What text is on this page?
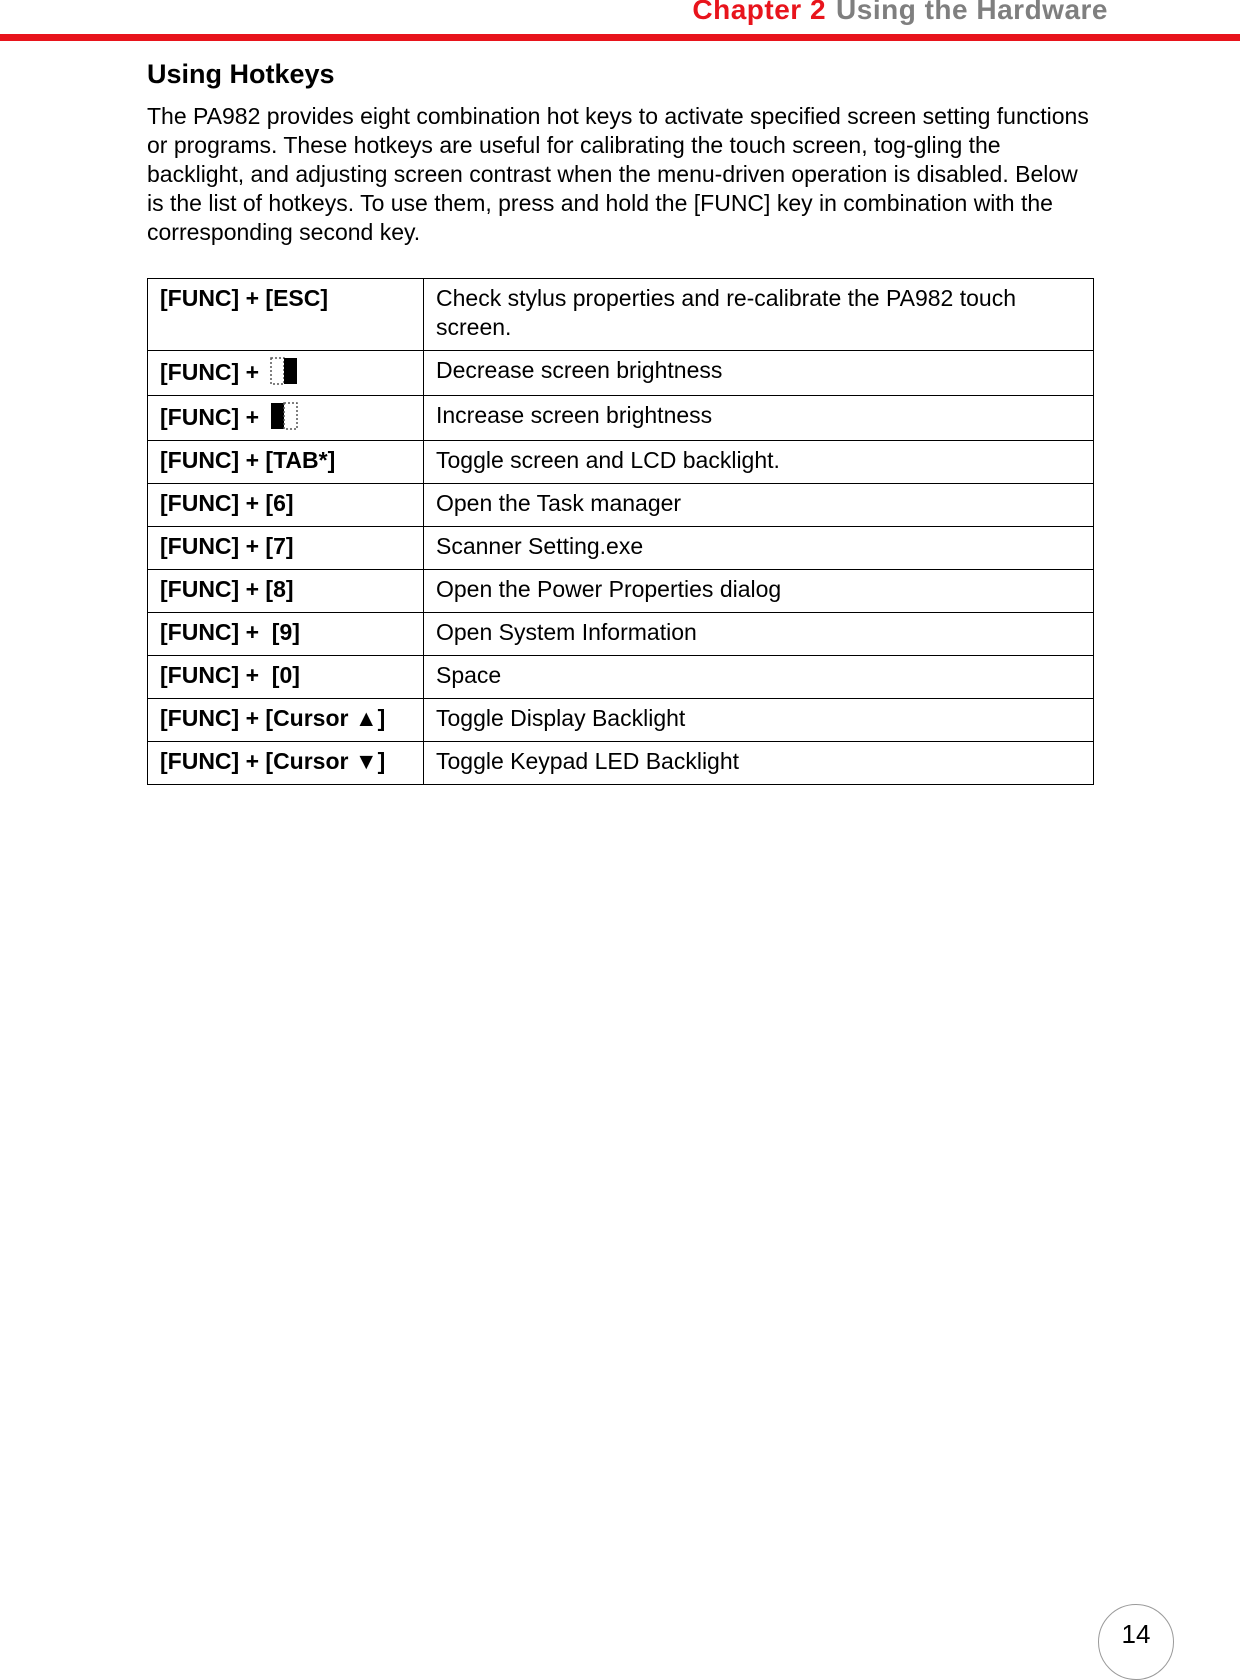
Chapter 2 Using the Hardware
Using Hotkeys

The PA982 provides eight combination hot keys to activate specified screen setting functions or programs. These hotkeys are useful for calibrating the touch screen, tog-gling the backlight, and adjusting screen contrast when the menu-driven operation is disabled. Below is the list of hotkeys. To use them, press and hold the [FUNC] key in combination with the corresponding second key.

[FUNC] + [ESC]	Check stylus properties and re-calibrate the PA982 touch screen.
[FUNC] +	Decrease screen brightness
[FUNC] +	Increase screen brightness
[FUNC] + [TAB*]	Toggle screen and LCD backlight.
[FUNC] + [6]	Open the Task manager
[FUNC] + [7]	Scanner Setting.exe
[FUNC] + [8]	Open the Power Properties dialog
[FUNC] +  [9]	Open System Information
[FUNC] +  [0]	Space
[FUNC] + [Cursor ▲]	Toggle Display Backlight
[FUNC] + [Cursor ▼]	Toggle Keypad LED Backlight
14
